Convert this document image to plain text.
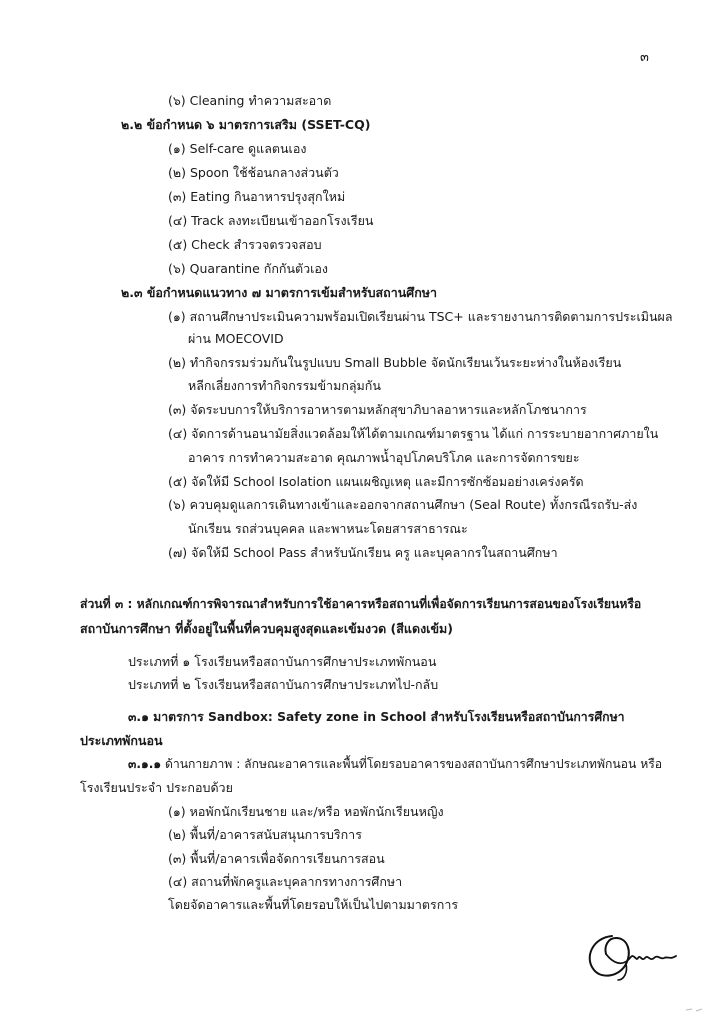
๓
(๖) Cleaning ทำความสะอาด
๒.๒ ข้อกำหนด ๖ มาตรการเสริม (SSET-CQ)
(๑) Self-care ดูแลตนเอง
(๒) Spoon ใช้ช้อนกลางส่วนตัว
(๓) Eating กินอาหารปรุงสุกใหม่
(๔) Track ลงทะเบียนเข้าออกโรงเรียน
(๕) Check สำรวจตรวจสอบ
(๖) Quarantine กักกันตัวเอง
๒.๓ ข้อกำหนดแนวทาง ๗ มาตรการเข้มสำหรับสถานศึกษา
(๑) สถานศึกษาประเมินความพร้อมเปิดเรียนผ่าน TSC+ และรายงานการติดตามการประเมินผล
ผ่าน MOECOVID
(๒) ทำกิจกรรมร่วมกันในรูปแบบ Small Bubble จัดนักเรียนเว้นระยะห่างในห้องเรียน
หลีกเลี่ยงการทำกิจกรรมข้ามกลุ่มกัน
(๓) จัดระบบการให้บริการอาหารตามหลักสุขาภิบาลอาหารและหลักโภชนาการ
(๔) จัดการด้านอนามัยสิ่งแวดล้อมให้ได้ตามเกณฑ์มาตรฐาน ได้แก่ การระบายอากาศภายใน
อาคาร การทำความสะอาด คุณภาพน้ำอุปโภคบริโภค และการจัดการขยะ
(๕) จัดให้มี School Isolation แผนเผชิญเหตุ และมีการซักซ้อมอย่างเคร่งครัด
(๖) ควบคุมดูแลการเดินทางเข้าและออกจากสถานศึกษา (Seal Route) ทั้งกรณีรถรับ-ส่ง
นักเรียน รถส่วนบุคคล และพาหนะโดยสารสาธารณะ
(๗) จัดให้มี School Pass สำหรับนักเรียน ครู และบุคลากรในสถานศึกษา
ส่วนที่ ๓ : หลักเกณฑ์การพิจารณาสำหรับการใช้อาคารหรือสถานที่เพื่อจัดการเรียนการสอนของโรงเรียนหรือ
สถาบันการศึกษา ที่ตั้งอยู่ในพื้นที่ควบคุมสูงสุดและเข้มงวด (สีแดงเข้ม)
ประเภทที่ ๑ โรงเรียนหรือสถาบันการศึกษาประเภทพักนอน
ประเภทที่ ๒ โรงเรียนหรือสถาบันการศึกษาประเภทไป-กลับ
๓.๑ มาตรการ Sandbox: Safety zone in School สำหรับโรงเรียนหรือสถาบันการศึกษา
ประเภทพักนอน
๓.๑.๑ ด้านกายภาพ : ลักษณะอาคารและพื้นที่โดยรอบอาคารของสถาบันการศึกษาประเภทพักนอน หรือ
โรงเรียนประจำ ประกอบด้วย
(๑) หอพักนักเรียนชาย และ/หรือ หอพักนักเรียนหญิง
(๒) พื้นที่/อาคารสนับสนุนการบริการ
(๓) พื้นที่/อาคารเพื่อจัดการเรียนการสอน
(๔) สถานที่พักครูและบุคลากรทางการศึกษา
โดยจัดอาคารและพื้นที่โดยรอบให้เป็นไปตามมาตรการ
